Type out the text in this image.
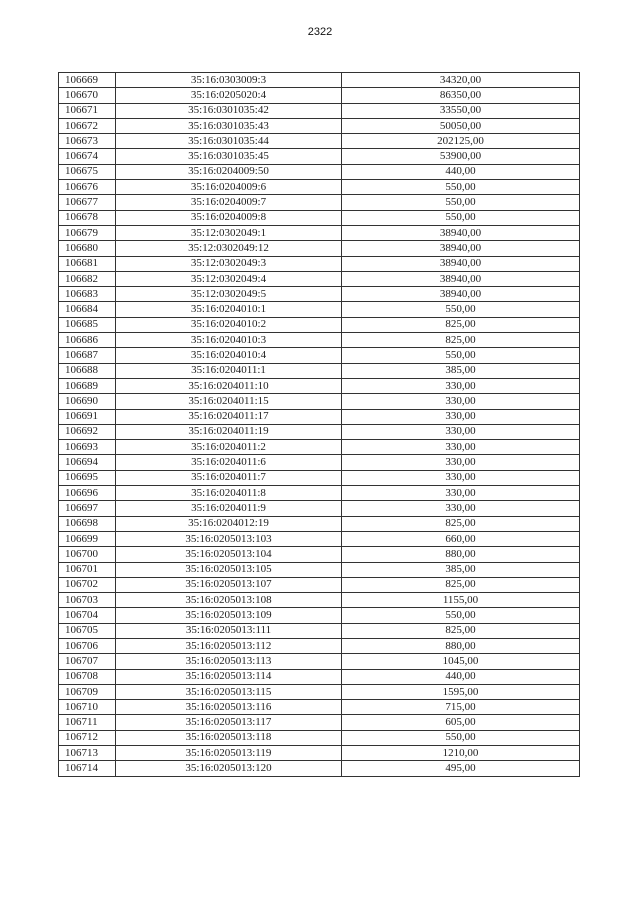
2322
106669	35:16:0303009:3	34320,00
106670	35:16:0205020:4	86350,00
106671	35:16:0301035:42	33550,00
106672	35:16:0301035:43	50050,00
106673	35:16:0301035:44	202125,00
106674	35:16:0301035:45	53900,00
106675	35:16:0204009:50	440,00
106676	35:16:0204009:6	550,00
106677	35:16:0204009:7	550,00
106678	35:16:0204009:8	550,00
106679	35:12:0302049:1	38940,00
106680	35:12:0302049:12	38940,00
106681	35:12:0302049:3	38940,00
106682	35:12:0302049:4	38940,00
106683	35:12:0302049:5	38940,00
106684	35:16:0204010:1	550,00
106685	35:16:0204010:2	825,00
106686	35:16:0204010:3	825,00
106687	35:16:0204010:4	550,00
106688	35:16:0204011:1	385,00
106689	35:16:0204011:10	330,00
106690	35:16:0204011:15	330,00
106691	35:16:0204011:17	330,00
106692	35:16:0204011:19	330,00
106693	35:16:0204011:2	330,00
106694	35:16:0204011:6	330,00
106695	35:16:0204011:7	330,00
106696	35:16:0204011:8	330,00
106697	35:16:0204011:9	330,00
106698	35:16:0204012:19	825,00
106699	35:16:0205013:103	660,00
106700	35:16:0205013:104	880,00
106701	35:16:0205013:105	385,00
106702	35:16:0205013:107	825,00
106703	35:16:0205013:108	1155,00
106704	35:16:0205013:109	550,00
106705	35:16:0205013:111	825,00
106706	35:16:0205013:112	880,00
106707	35:16:0205013:113	1045,00
106708	35:16:0205013:114	440,00
106709	35:16:0205013:115	1595,00
106710	35:16:0205013:116	715,00
106711	35:16:0205013:117	605,00
106712	35:16:0205013:118	550,00
106713	35:16:0205013:119	1210,00
106714	35:16:0205013:120	495,00
